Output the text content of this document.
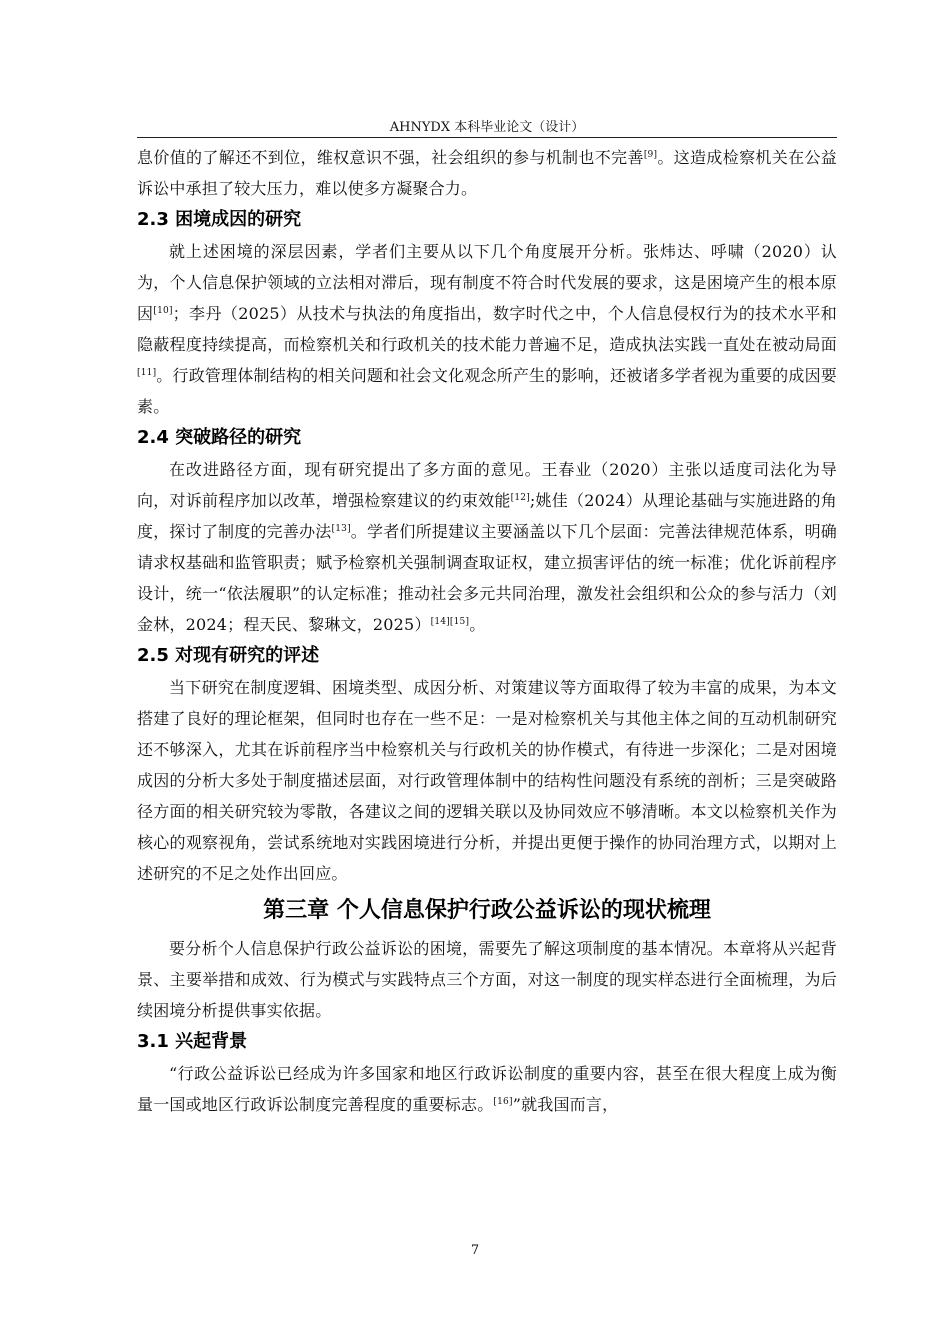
AHNYDX 本科毕业论文（设计）

息价值的了解还不到位，维权意识不强，社会组织的参与机制也不完善[9]。这造成检察机关在公益诉讼中承担了较大压力，难以使多方凝聚合力。

2.3 困境成因的研究

就上述困境的深层因素，学者们主要从以下几个角度展开分析。张炜达、呼啸（2020）认为，个人信息保护领域的立法相对滞后，现有制度不符合时代发展的要求，这是困境产生的根本原因[10]；李丹（2025）从技术与执法的角度指出，数字时代之中，个人信息侵权行为的技术水平和隐蔽程度持续提高，而检察机关和行政机关的技术能力普遍不足，造成执法实践一直处在被动局面[11]。行政管理体制结构的相关问题和社会文化观念所产生的影响，还被诸多学者视为重要的成因要素。

2.4 突破路径的研究

在改进路径方面，现有研究提出了多方面的意见。王春业（2020）主张以适度司法化为导向，对诉前程序加以改革，增强检察建议的约束效能[12];姚佳（2024）从理论基础与实施进路的角度，探讨了制度的完善办法[13]。学者们所提建议主要涵盖以下几个层面：完善法律规范体系，明确请求权基础和监管职责；赋予检察机关强制调查取证权，建立损害评估的统一标准；优化诉前程序设计，统一“依法履职”的认定标准；推动社会多元共同治理，激发社会组织和公众的参与活力（刘金林，2024；程天民、黎琳文，2025）[14][15]。

2.5 对现有研究的评述

当下研究在制度逻辑、困境类型、成因分析、对策建议等方面取得了较为丰富的成果，为本文搭建了良好的理论框架，但同时也存在一些不足：一是对检察机关与其他主体之间的互动机制研究还不够深入，尤其在诉前程序当中检察机关与行政机关的协作模式，有待进一步深化；二是对困境成因的分析大多处于制度描述层面，对行政管理体制中的结构性问题没有系统的剖析；三是突破路径方面的相关研究较为零散，各建议之间的逻辑关联以及协同效应不够清晰。本文以检察机关作为核心的观察视角，尝试系统地对实践困境进行分析，并提出更便于操作的协同治理方式，以期对上述研究的不足之处作出回应。

第三章 个人信息保护行政公益诉讼的现状梳理

要分析个人信息保护行政公益诉讼的困境，需要先了解这项制度的基本情况。本章将从兴起背景、主要举措和成效、行为模式与实践特点三个方面，对这一制度的现实样态进行全面梳理，为后续困境分析提供事实依据。

3.1 兴起背景

“行政公益诉讼已经成为许多国家和地区行政诉讼制度的重要内容，甚至在很大程度上成为衡量一国或地区行政诉讼制度完善程度的重要标志。[16]”就我国而言，

7
